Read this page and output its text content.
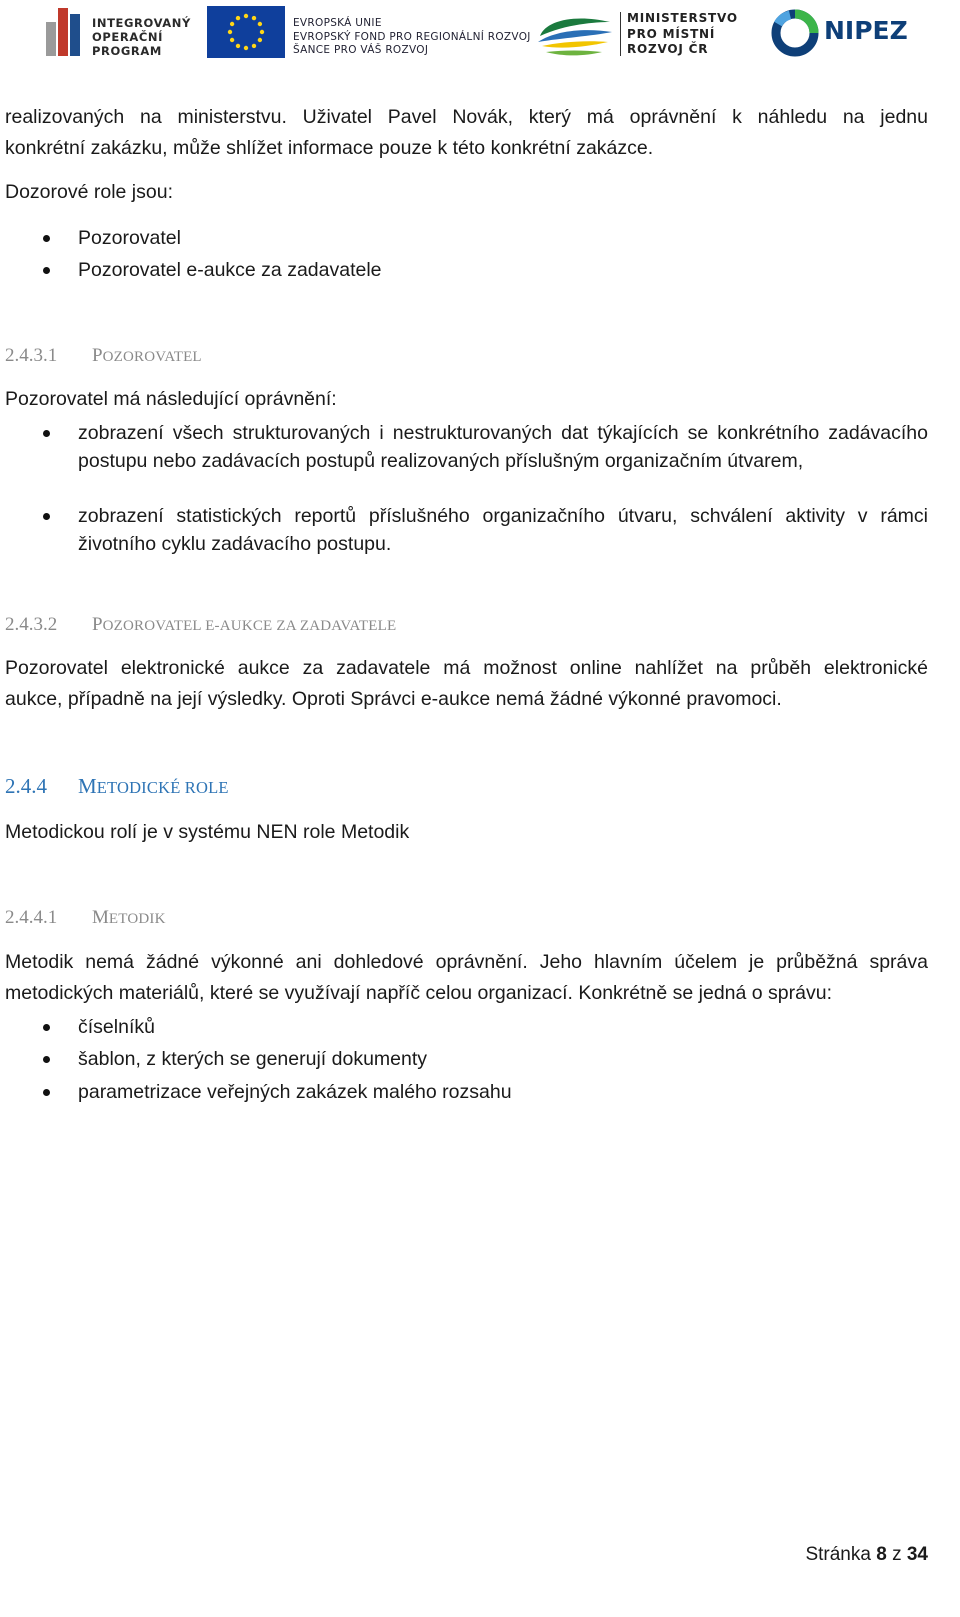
INTEGROVANÝ
OPERAČNÍ
PROGRAM
EVROPSKÁ UNIE
EVROPSKÝ FOND PRO REGIONÁLNÍ ROZVOJ
ŠANCE PRO VÁŠ ROZVOJ
MINISTERSTVO
PRO MÍSTNÍ
ROZVOJ ČR
NIPEZ

realizovaných na ministerstvu. Uživatel Pavel Novák, který má oprávnění k náhledu na jednu

konkrétní zakázku, může shlížet informace pouze k této konkrétní zakázce.

Dozorové role jsou:

Pozorovatel
Pozorovatel e-aukce za zadavatele
2.4.3.1 POZOROVATEL

Pozorovatel má následující oprávnění:

zobrazení všech strukturovaných i nestrukturovaných dat týkajících se konkrétního zadávacího postupu nebo zadávacích postupů realizovaných příslušným organizačním útvarem,
zobrazení statistických reportů příslušného organizačního útvaru, schválení aktivity v rámci životního cyklu zadávacího postupu.
2.4.3.2 POZOROVATEL E-AUKCE ZA ZADAVATELE

Pozorovatel elektronické aukce za zadavatele má možnost online nahlížet na průběh elektronické

aukce, případně na její výsledky. Oproti Správci e-aukce nemá žádné výkonné pravomoci.

2.4.4 METODICKÉ ROLE

Metodickou rolí je v systému NEN role Metodik

2.4.4.1 METODIK

Metodik nemá žádné výkonné ani dohledové oprávnění. Jeho hlavním účelem je průběžná správa

metodických materiálů, které se využívají napříč celou organizací. Konkrétně se jedná o správu:

číselníků
šablon, z kterých se generují dokumenty
parametrizace veřejných zakázek malého rozsahu
Stránka 8 z 34
